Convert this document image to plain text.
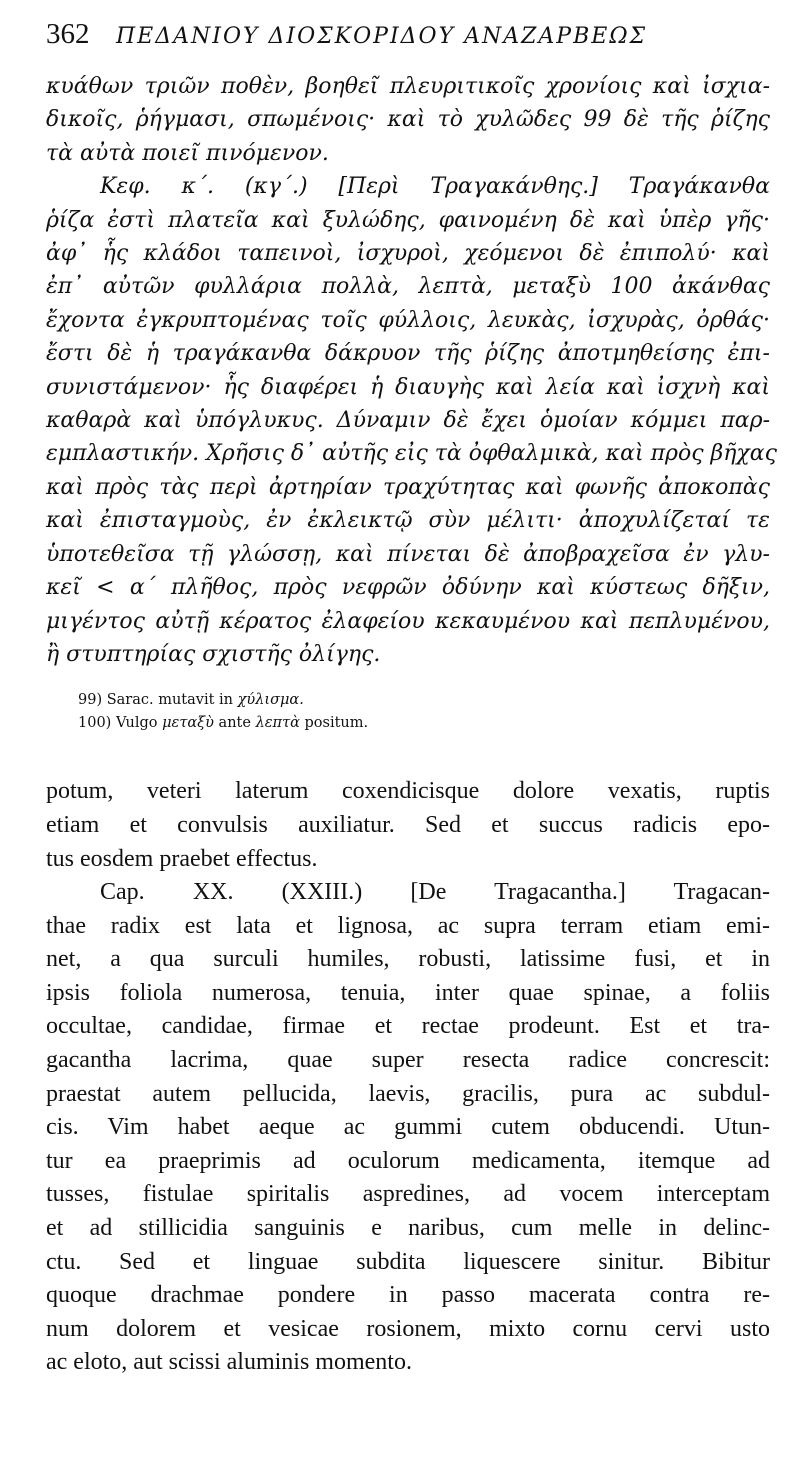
362	ΠΕΔΑΝΙΟΥ ΔΙΟΣΚΟΡΙΔΟΥ ΑΝΑΖΑΡΒΕΩΣ
κυάθων τριῶν ποθὲν, βοηθεῖ πλευριτικοῖς χρονίοις καὶ ἰσχια-
δικοῖς, ῥήγμασι, σπωμένοις· καὶ τὸ χυλῶδες 99 δὲ τῆς ῥίζης
τὰ αὐτὰ ποιεῖ πινόμενον.
Κεφ. κ΄. (κγ΄.) [Περὶ Τραγακάνθης.] Τραγάκανθα
ῥίζα ἐστὶ πλατεῖα καὶ ξυλώδης, φαινομένη δὲ καὶ ὑπὲρ γῆς·
ἀφ᾽ ἧς κλάδοι ταπεινοὶ, ἰσχυροὶ, χεόμενοι δὲ ἐπιπολύ· καὶ
ἐπ᾽ αὐτῶν φυλλάρια πολλὰ, λεπτὰ, μεταξὺ 100 ἀκάνθας
ἔχοντα ἐγκρυπτομένας τοῖς φύλλοις, λευκὰς, ἰσχυρὰς, ὀρθάς·
ἔστι δὲ ἡ τραγάκανθα δάκρυον τῆς ῥίζης ἀποτμηθείσης ἐπι-
συνιστάμενον· ἧς διαφέρει ἡ διαυγὴς καὶ λεία καὶ ἰσχνὴ καὶ
καθαρὰ καὶ ὑπόγλυκυς. Δύναμιν δὲ ἔχει ὁμοίαν κόμμει παρ-
εμπλαστικήν. Χρῆσις δ᾽ αὐτῆς εἰς τὰ ὀφθαλμικὰ, καὶ πρὸς βῆχας
καὶ πρὸς τὰς περὶ ἀρτηρίαν τραχύτητας καὶ φωνῆς ἀποκοπὰς
καὶ ἐπισταγμοὺς, ἐν ἐκλεικτῷ σὺν μέλιτι· ἀποχυλίζεταί τε
ὑποτεθεῖσα τῇ γλώσσῃ, καὶ πίνεται δὲ ἀποβραχεῖσα ἐν γλυ-
κεῖ < α΄ πλῆθος, πρὸς νεφρῶν ὀδύνην καὶ κύστεως δῆξιν,
μιγέντος αὐτῇ κέρατος ἐλαφείου κεκαυμένου καὶ πεπλυμένου,
ἢ στυπτηρίας σχιστῆς ὀλίγης.
99) Sarac. mutavit in χύλισμα.
100) Vulgo μεταξὺ ante λεπτὰ positum.
potum, veteri laterum coxendicisque dolore vexatis, ruptis
etiam et convulsis auxiliatur. Sed et succus radicis epo-
tus eosdem praebet effectus.
Cap. XX. (XXIII.) [De Tragacantha.] Tragacan-
thae radix est lata et lignosa, ac supra terram etiam emi-
net, a qua surculi humiles, robusti, latissime fusi, et in
ipsis foliola numerosa, tenuia, inter quae spinae, a foliis
occultae, candidae, firmae et rectae prodeunt. Est et tra-
gacantha lacrima, quae super resecta radice concrescit:
praestat autem pellucida, laevis, gracilis, pura ac subdul-
cis. Vim habet aeque ac gummi cutem obducendi. Utun-
tur ea praeprimis ad oculorum medicamenta, itemque ad
tusses, fistulae spiritalis aspredines, ad vocem interceptam
et ad stillicidia sanguinis e naribus, cum melle in delinc-
ctu. Sed et linguae subdita liquescere sinitur. Bibitur
quoque drachmae pondere in passo macerata contra re-
num dolorem et vesicae rosionem, mixto cornu cervi usto
ac eloto, aut scissi aluminis momento.
